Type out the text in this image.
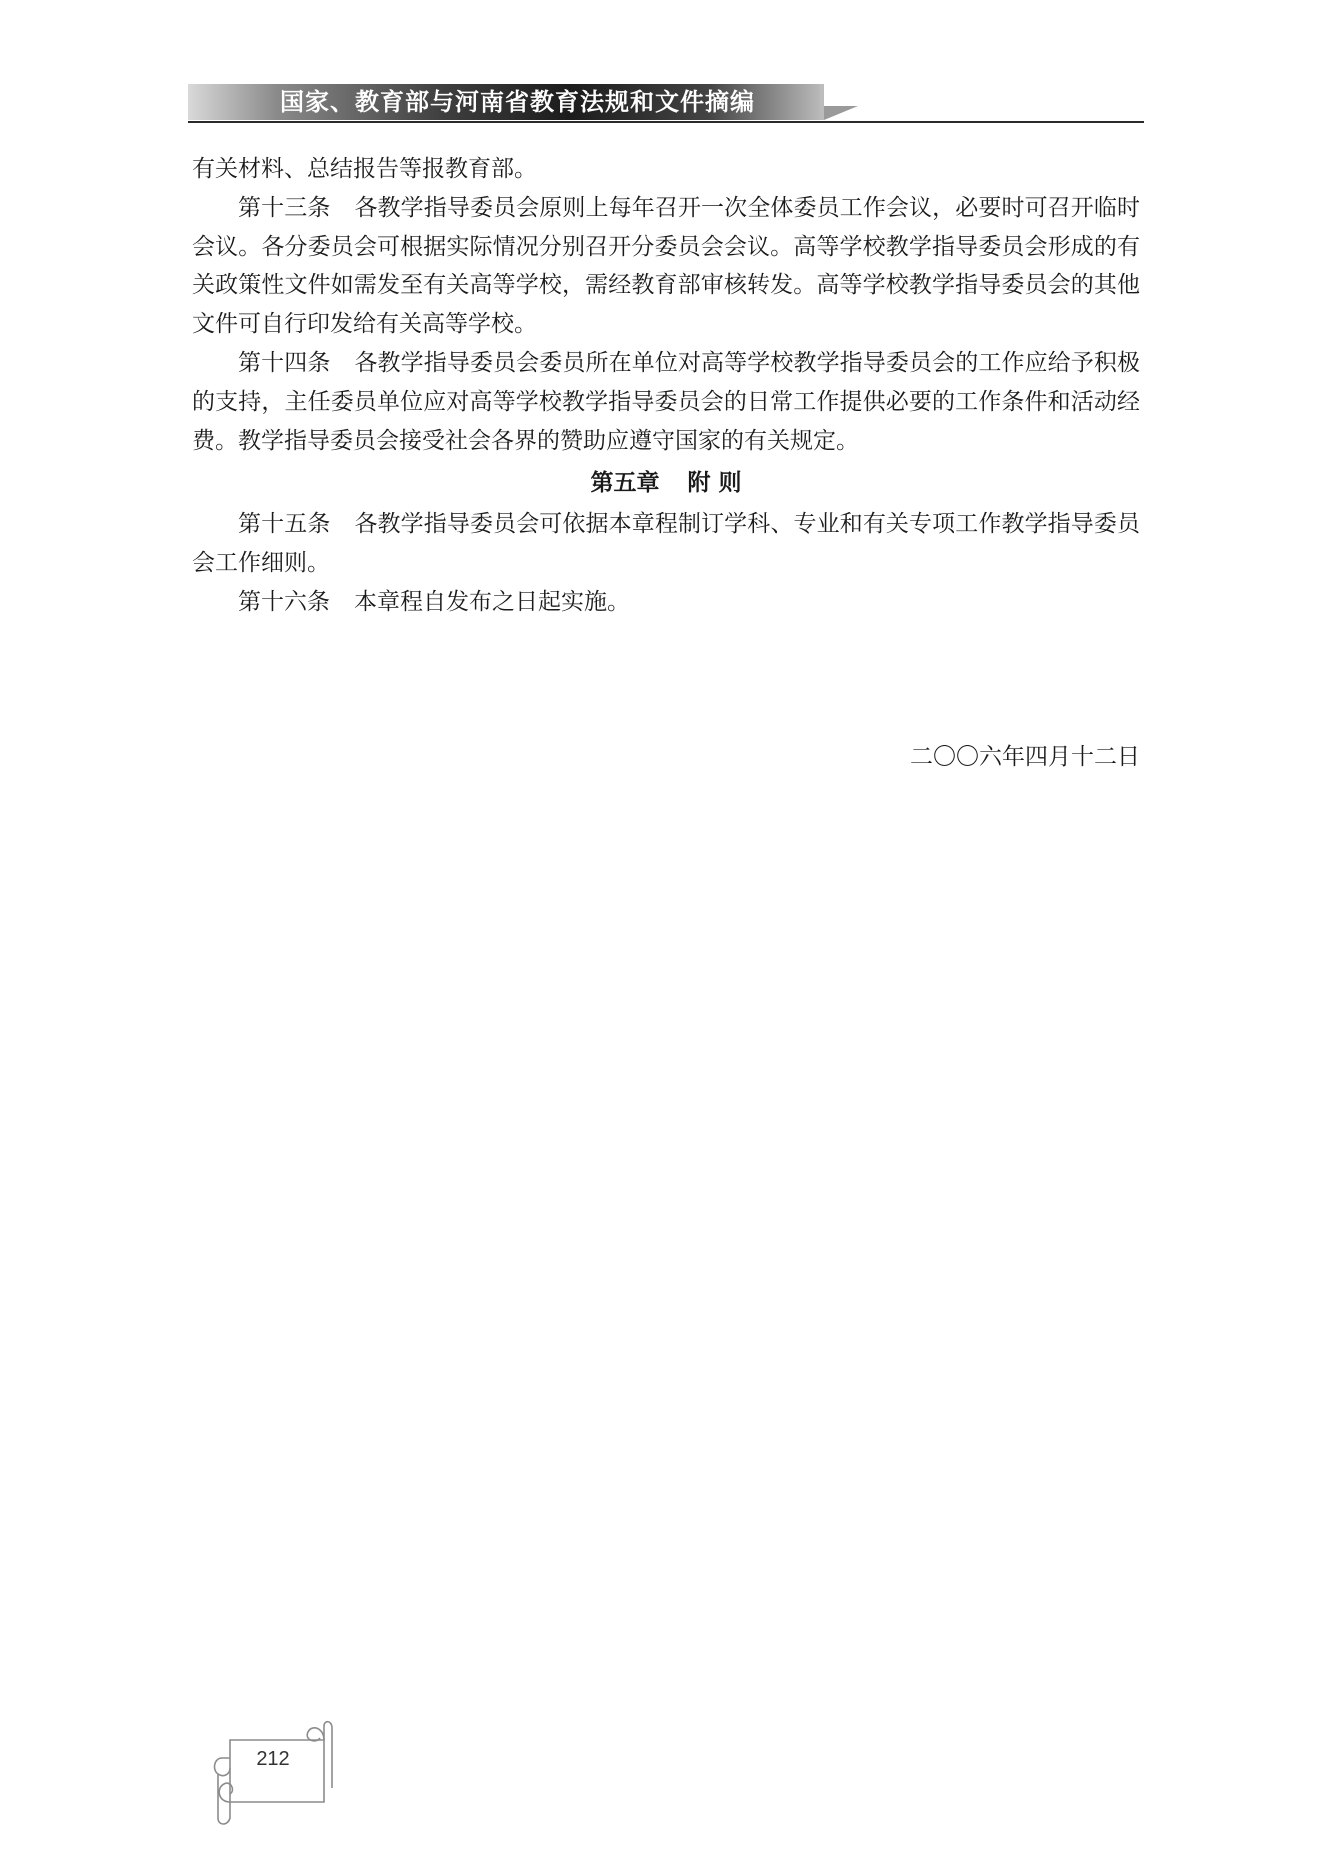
国家、教育部与河南省教育法规和文件摘编

有关材料、总结报告等报教育部。

第十三条 各教学指导委员会原则上每年召开一次全体委员工作会议，必要时可召开临时会议。各分委员会可根据实际情况分别召开分委员会会议。高等学校教学指导委员会形成的有关政策性文件如需发至有关高等学校，需经教育部审核转发。高等学校教学指导委员会的其他文件可自行印发给有关高等学校。

第十四条 各教学指导委员会委员所在单位对高等学校教学指导委员会的工作应给予积极的支持，主任委员单位应对高等学校教学指导委员会的日常工作提供必要的工作条件和活动经费。教学指导委员会接受社会各界的赞助应遵守国家的有关规定。

第五章 附 则

第十五条 各教学指导委员会可依据本章程制订学科、专业和有关专项工作教学指导委员会工作细则。

第十六条 本章程自发布之日起实施。

二〇〇六年四月十二日
212
